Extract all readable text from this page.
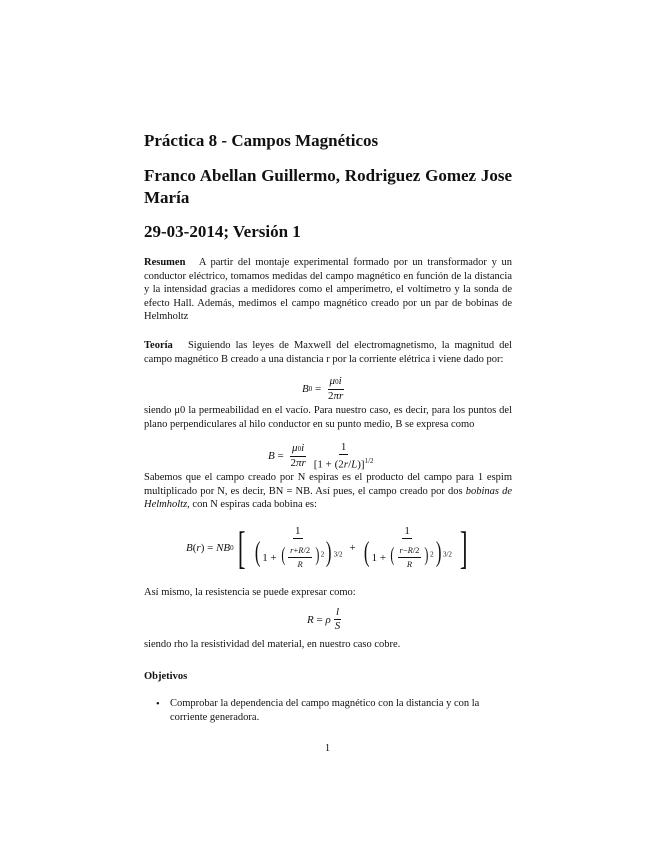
Práctica 8 - Campos Magnéticos
Franco Abellan Guillermo, Rodriguez Gomez Jose María
29-03-2014; Versión 1
Resumen A partir del montaje experimental formado por un transformador y un conductor eléctrico, tomamos medidas del campo magnético en función de la distancia y la intensidad gracias a medidores como el amperímetro, el voltímetro y la sonda de efecto Hall. Además, medimos el campo magnético creado por un par de bobinas de Helmholtz
Teoría Siguiendo las leyes de Maxwell del electromagnetismo, la magnitud del campo magnético B creado a una distancia r por la corriente elétrica i viene dado por:
B $0 = \frac{\mu 0i}{2\pi r}$
siendo μ0 la permeabilidad en el vacío. Para nuestro caso, es decir, para los puntos del plano perpendiculares al hilo conductor en su punto medio, B se expresa como
$B = \frac{\mu 0i}{2\pi r} \frac{1}{[1 + (2r/L)]^{1/2}}$
Sabemos que el campo creado por N espiras es el producto del campo para 1 espim multiplicado por N, es decir, BN = NB. Así pues, el campo creado por dos bobinas de Helmholtz, con N espiras cada bobina es:
B ( r ) = NB 0 [ $\frac{1}{( 1 + ( \frac{r+R/2}{R} )^2) ^{3/2}} + \frac{1}{( 1 + ( \frac{r-R/2}{R} )^2) ^{3/2}}$ ]
Así mismo, la resistencia se puede expresar como:
R = ρ $\frac{l}{S}$
siendo rho la resistividad del material, en nuestro caso cobre.
Objetivos
• Comprobar la dependencia del campo magnético con la distancia y con la corriente generadora.
1
